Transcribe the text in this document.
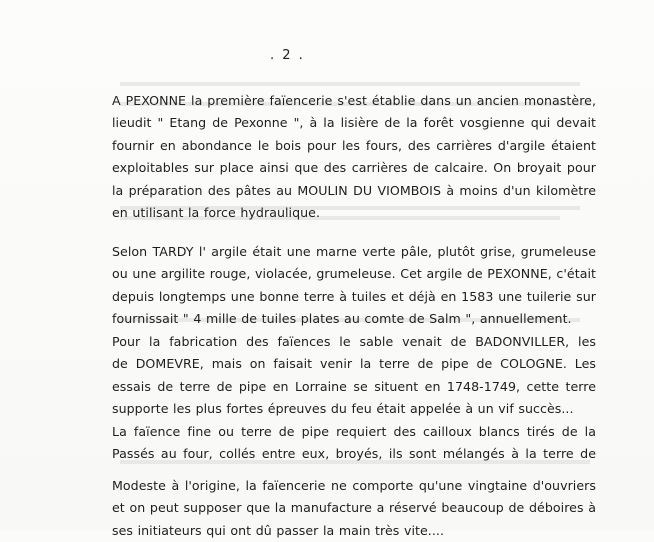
. 2 .
A PEXONNE la première faïencerie s'est établie dans un ancien monastère,
lieudit " Etang de Pexonne ", à la lisière de la forêt vosgienne qui devait
fournir en abondance le bois pour les fours, des carrières d'argile étaient
exploitables sur place ainsi que des carrières de calcaire. On broyait pour
la préparation des pâtes au MOULIN DU VIOMBOIS à moins d'un kilomètre
en utilisant la force hydraulique.
Selon TARDY l' argile était une marne verte pâle, plutôt grise, grumeleuse
ou une argilite rouge, violacée, grumeleuse. Cet argile de PEXONNE, c'était
depuis longtemps une bonne terre à tuiles et déjà en 1583 une tuilerie sur
fournissait " 4 mille de tuiles plates au comte de Salm ", annuellement.
Pour la fabrication des faïences le sable venait de BADONVILLER, les
de DOMEVRE, mais on faisait venir la terre de pipe de COLOGNE. Les
essais de terre de pipe en Lorraine se situent en 1748-1749, cette terre
supporte les plus fortes épreuves du feu était appelée à un vif succès...
La faïence fine ou terre de pipe requiert des cailloux blancs tirés de la
Passés au four, collés entre eux, broyés, ils sont mélangés à la terre de
Modeste à l'origine, la faïencerie ne comporte qu'une vingtaine d'ouvriers
et on peut supposer que la manufacture a réservé beaucoup de déboires à
ses initiateurs qui ont dû passer la main très vite....
